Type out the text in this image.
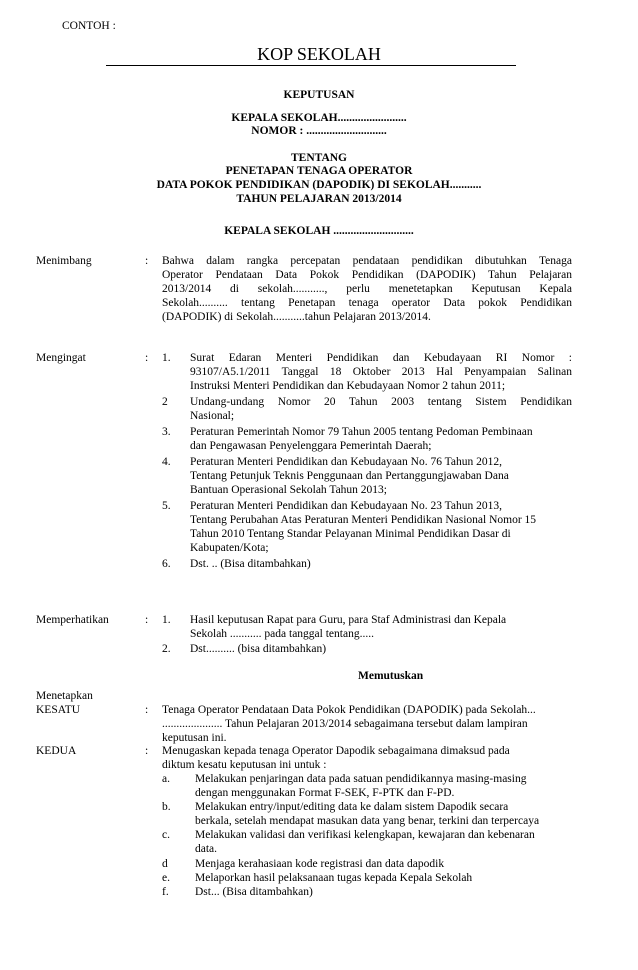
CONTOH :
KOP SEKOLAH
KEPUTUSAN
KEPALA SEKOLAH........................
NOMOR : ............................
TENTANG
PENETAPAN TENAGA OPERATOR
DATA POKOK PENDIDIKAN (DAPODIK) DI SEKOLAH...........
TAHUN PELAJARAN 2013/2014
KEPALA SEKOLAH ............................
Menimbang	: Bahwa dalam rangka percepatan pendataan pendidikan dibutuhkan Tenaga
Operator Pendataan Data Pokok Pendidikan (DAPODIK) Tahun Pelajaran
2013/2014 di sekolah..........., perlu menetetapkan Keputusan Kepala
Sekolah.......... tentang Penetapan tenaga operator Data pokok Pendidikan
(DAPODIK) di Sekolah...........tahun Pelajaran 2013/2014.
Mengingat	: 1. Surat Edaran Menteri Pendidikan dan Kebudayaan RI Nomor :
93107/A5.1/2011 Tanggal 18 Oktober 2013 Hal Penyampaian Salinan
Instruksi Menteri Pendidikan dan Kebudayaan Nomor 2 tahun 2011;
2 Undang-undang Nomor 20 Tahun 2003 tentang Sistem Pendidikan
Nasional;
3. Peraturan Pemerintah Nomor 79 Tahun 2005 tentang Pedoman Pembinaan
dan Pengawasan Penyelenggara Pemerintah Daerah;
4. Peraturan Menteri Pendidikan dan Kebudayaan No. 76 Tahun 2012,
Tentang Petunjuk Teknis Penggunaan dan Pertanggungjawaban Dana
Bantuan Operasional Sekolah Tahun 2013;
5. Peraturan Menteri Pendidikan dan Kebudayaan No. 23 Tahun 2013,
Tentang Perubahan Atas Peraturan Menteri Pendidikan Nasional Nomor 15
Tahun 2010 Tentang Standar Pelayanan Minimal Pendidikan Dasar di
Kabupaten/Kota;
6. Dst. .. (Bisa ditambahkan)
Memperhatikan	: 1. Hasil keputusan Rapat para Guru, para Staf Administrasi dan Kepala
Sekolah ........... pada tanggal tentang.....
2. Dst.......... (bisa ditambahkan)
Memutuskan
Menetapkan
KESATU	: Tenaga Operator Pendataan Data Pokok Pendidikan (DAPODIK) pada Sekolah...
..................... Tahun Pelajaran 2013/2014 sebagaimana tersebut dalam lampiran
keputusan ini.
KEDUA	: Menugaskan kepada tenaga Operator Dapodik sebagaimana dimaksud pada
diktum kesatu keputusan ini untuk :
a. Melakukan penjaringan data pada satuan pendidikannya masing-masing
dengan menggunakan Format F-SEK, F-PTK dan F-PD.
b. Melakukan entry/input/editing data ke dalam sistem Dapodik secara
berkala, setelah mendapat masukan data yang benar, terkini dan terpercaya
c. Melakukan validasi dan verifikasi kelengkapan, kewajaran dan kebenaran
data.
d Menjaga kerahasiaan kode registrasi dan data dapodik
e. Melaporkan hasil pelaksanaan tugas kepada Kepala Sekolah
f. Dst... (Bisa ditambahkan)
